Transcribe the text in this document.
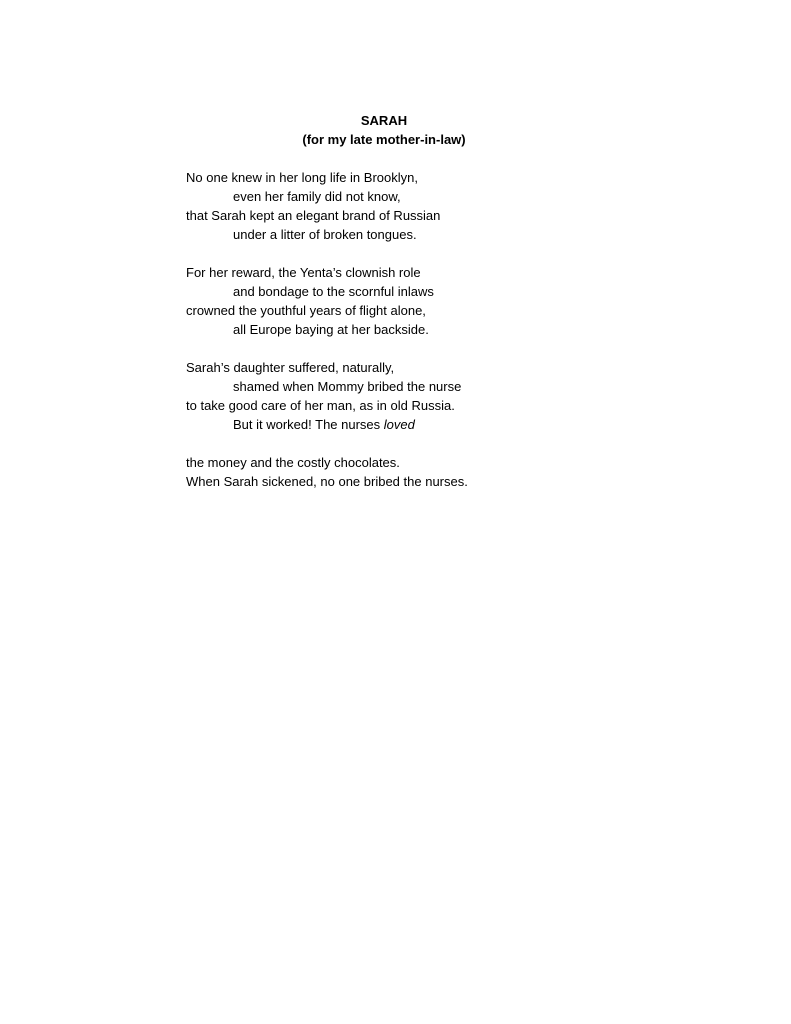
SARAH
(for my late mother-in-law)
No one knew in her long life in Brooklyn,
even her family did not know,
that Sarah kept an elegant brand of Russian
under a litter of broken tongues.
For her reward, the Yenta’s clownish role
and bondage to the scornful inlaws
crowned the youthful years of flight alone,
all Europe baying at her backside.
Sarah’s daughter suffered, naturally,
shamed when Mommy bribed the nurse
to take good care of her man, as in old Russia.
But it worked! The nurses loved
the money and the costly chocolates.
When Sarah sickened, no one bribed the nurses.
